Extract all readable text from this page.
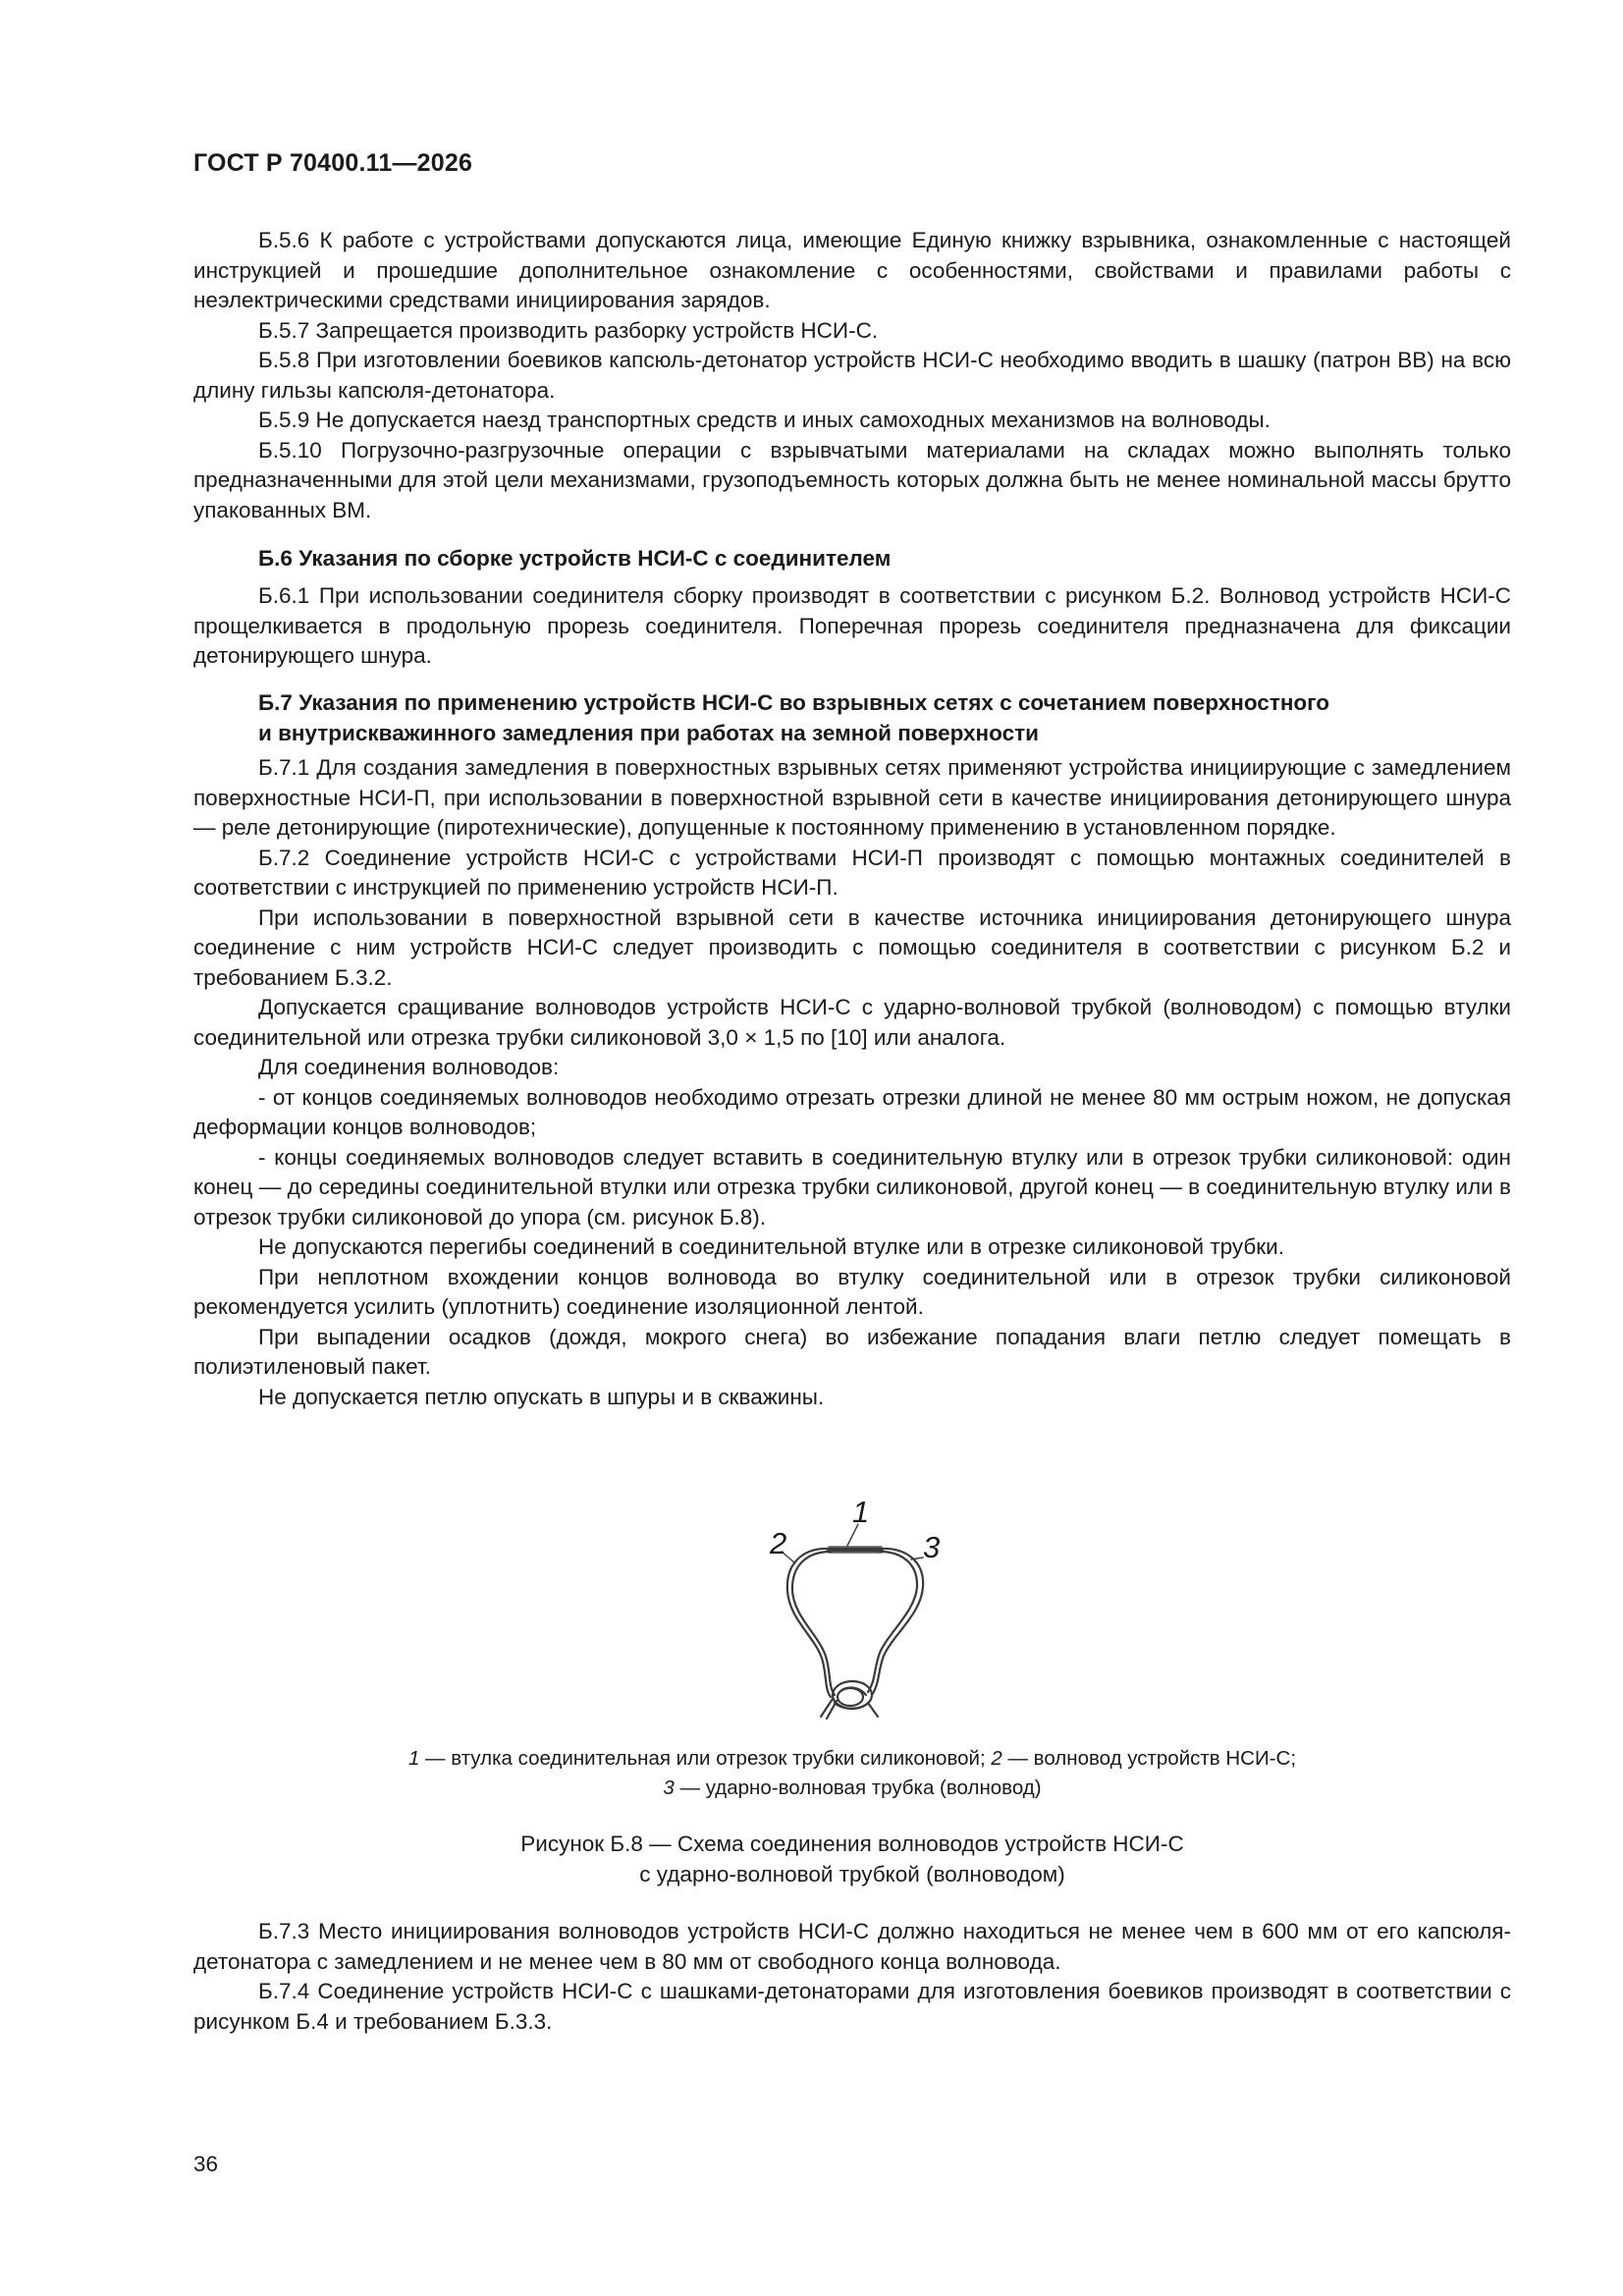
ГОСТ Р 70400.11—2026

Б.5.6 К работе с устройствами допускаются лица, имеющие Единую книжку взрывника, ознакомленные с настоящей инструкцией и прошедшие дополнительное ознакомление с особенностями, свойствами и правилами работы с неэлектрическими средствами инициирования зарядов.

Б.5.7 Запрещается производить разборку устройств НСИ-С.

Б.5.8 При изготовлении боевиков капсюль-детонатор устройств НСИ-С необходимо вводить в шашку (патрон ВВ) на всю длину гильзы капсюля-детонатора.

Б.5.9 Не допускается наезд транспортных средств и иных самоходных механизмов на волноводы.

Б.5.10 Погрузочно-разгрузочные операции с взрывчатыми материалами на складах можно выполнять только предназначенными для этой цели механизмами, грузоподъемность которых должна быть не менее номинальной массы брутто упакованных ВМ.

Б.6 Указания по сборке устройств НСИ-С с соединителем

Б.6.1 При использовании соединителя сборку производят в соответствии с рисунком Б.2. Волновод устройств НСИ-С прощелкивается в продольную прорезь соединителя. Поперечная прорезь соединителя предназначена для фиксации детонирующего шнура.

Б.7 Указания по применению устройств НСИ-С во взрывных сетях с сочетанием поверхностного
и внутрискважинного замедления при работах на земной поверхности

Б.7.1 Для создания замедления в поверхностных взрывных сетях применяют устройства инициирующие с замедлением поверхностные НСИ-П, при использовании в поверхностной взрывной сети в качестве инициирования детонирующего шнура — реле детонирующие (пиротехнические), допущенные к постоянному применению в установленном порядке.

Б.7.2 Соединение устройств НСИ-С с устройствами НСИ-П производят с помощью монтажных соединителей в соответствии с инструкцией по применению устройств НСИ-П.

При использовании в поверхностной взрывной сети в качестве источника инициирования детонирующего шнура соединение с ним устройств НСИ-С следует производить с помощью соединителя в соответствии с рисунком Б.2 и требованием Б.3.2.

Допускается сращивание волноводов устройств НСИ-С с ударно-волновой трубкой (волноводом) с помощью втулки соединительной или отрезка трубки силиконовой 3,0 × 1,5 по [10] или аналога.

Для соединения волноводов:

- от концов соединяемых волноводов необходимо отрезать отрезки длиной не менее 80 мм острым ножом, не допуская деформации концов волноводов;

- концы соединяемых волноводов следует вставить в соединительную втулку или в отрезок трубки силиконовой: один конец — до середины соединительной втулки или отрезка трубки силиконовой, другой конец — в соединительную втулку или в отрезок трубки силиконовой до упора (см. рисунок Б.8).

Не допускаются перегибы соединений в соединительной втулке или в отрезке силиконовой трубки.

При неплотном вхождении концов волновода во втулку соединительной или в отрезок трубки силиконовой рекомендуется усилить (уплотнить) соединение изоляционной лентой.

При выпадении осадков (дождя, мокрого снега) во избежание попадания влаги петлю следует помещать в полиэтиленовый пакет.

Не допускается петлю опускать в шпуры и в скважины.

1
2	3
1 — втулка соединительная или отрезок трубки силиконовой; 2 — волновод устройств НСИ-С;
3 — ударно-волновая трубка (волновод)
Рисунок Б.8 — Схема соединения волноводов устройств НСИ-С
с ударно-волновой трубкой (волноводом)

Б.7.3 Место инициирования волноводов устройств НСИ-С должно находиться не менее чем в 600 мм от его капсюля-детонатора с замедлением и не менее чем в 80 мм от свободного конца волновода.

Б.7.4 Соединение устройств НСИ-С с шашками-детонаторами для изготовления боевиков производят в соответствии с рисунком Б.4 и требованием Б.3.3.

36
